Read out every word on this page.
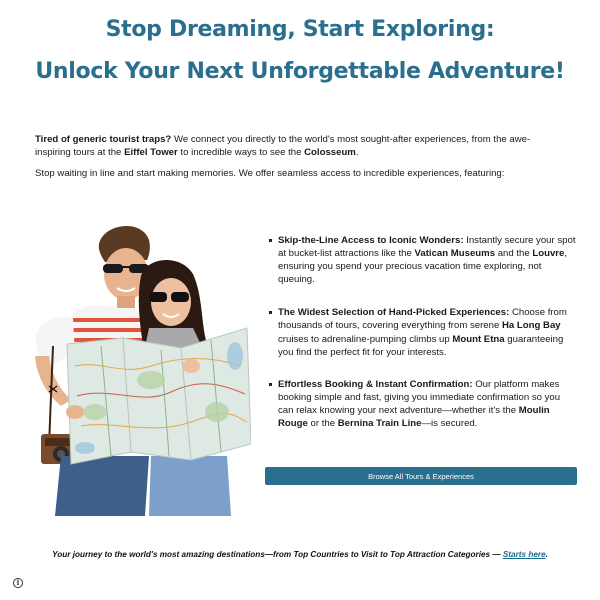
Stop Dreaming, Start Exploring:
Unlock Your Next Unforgettable Adventure!

Tired of generic tourist traps? We connect you directly to the world's most sought-after experiences, from the awe-inspiring tours at the Eiffel Tower to incredible ways to see the Colosseum.

Stop waiting in line and start making memories. We offer seamless access to incredible experiences, featuring:

Skip-the-Line Access to Iconic Wonders: Instantly secure your spot at bucket-list attractions like the Vatican Museums and the Louvre, ensuring you spend your precious vacation time exploring, not queuing.
The Widest Selection of Hand-Picked Experiences: Choose from thousands of tours, covering everything from serene Ha Long Bay cruises to adrenaline-pumping climbs up Mount Etna guaranteeing you find the perfect fit for your interests.
Effortless Booking & Instant Confirmation: Our platform makes booking simple and fast, giving you immediate confirmation so you can relax knowing your next adventure—whether it's the Moulin Rouge or the Bernina Train Line—is secured.
Browse All Tours & Experiences

Your journey to the world's most amazing destinations—from Top Countries to Visit to Top Attraction Categories — Starts here.

i
